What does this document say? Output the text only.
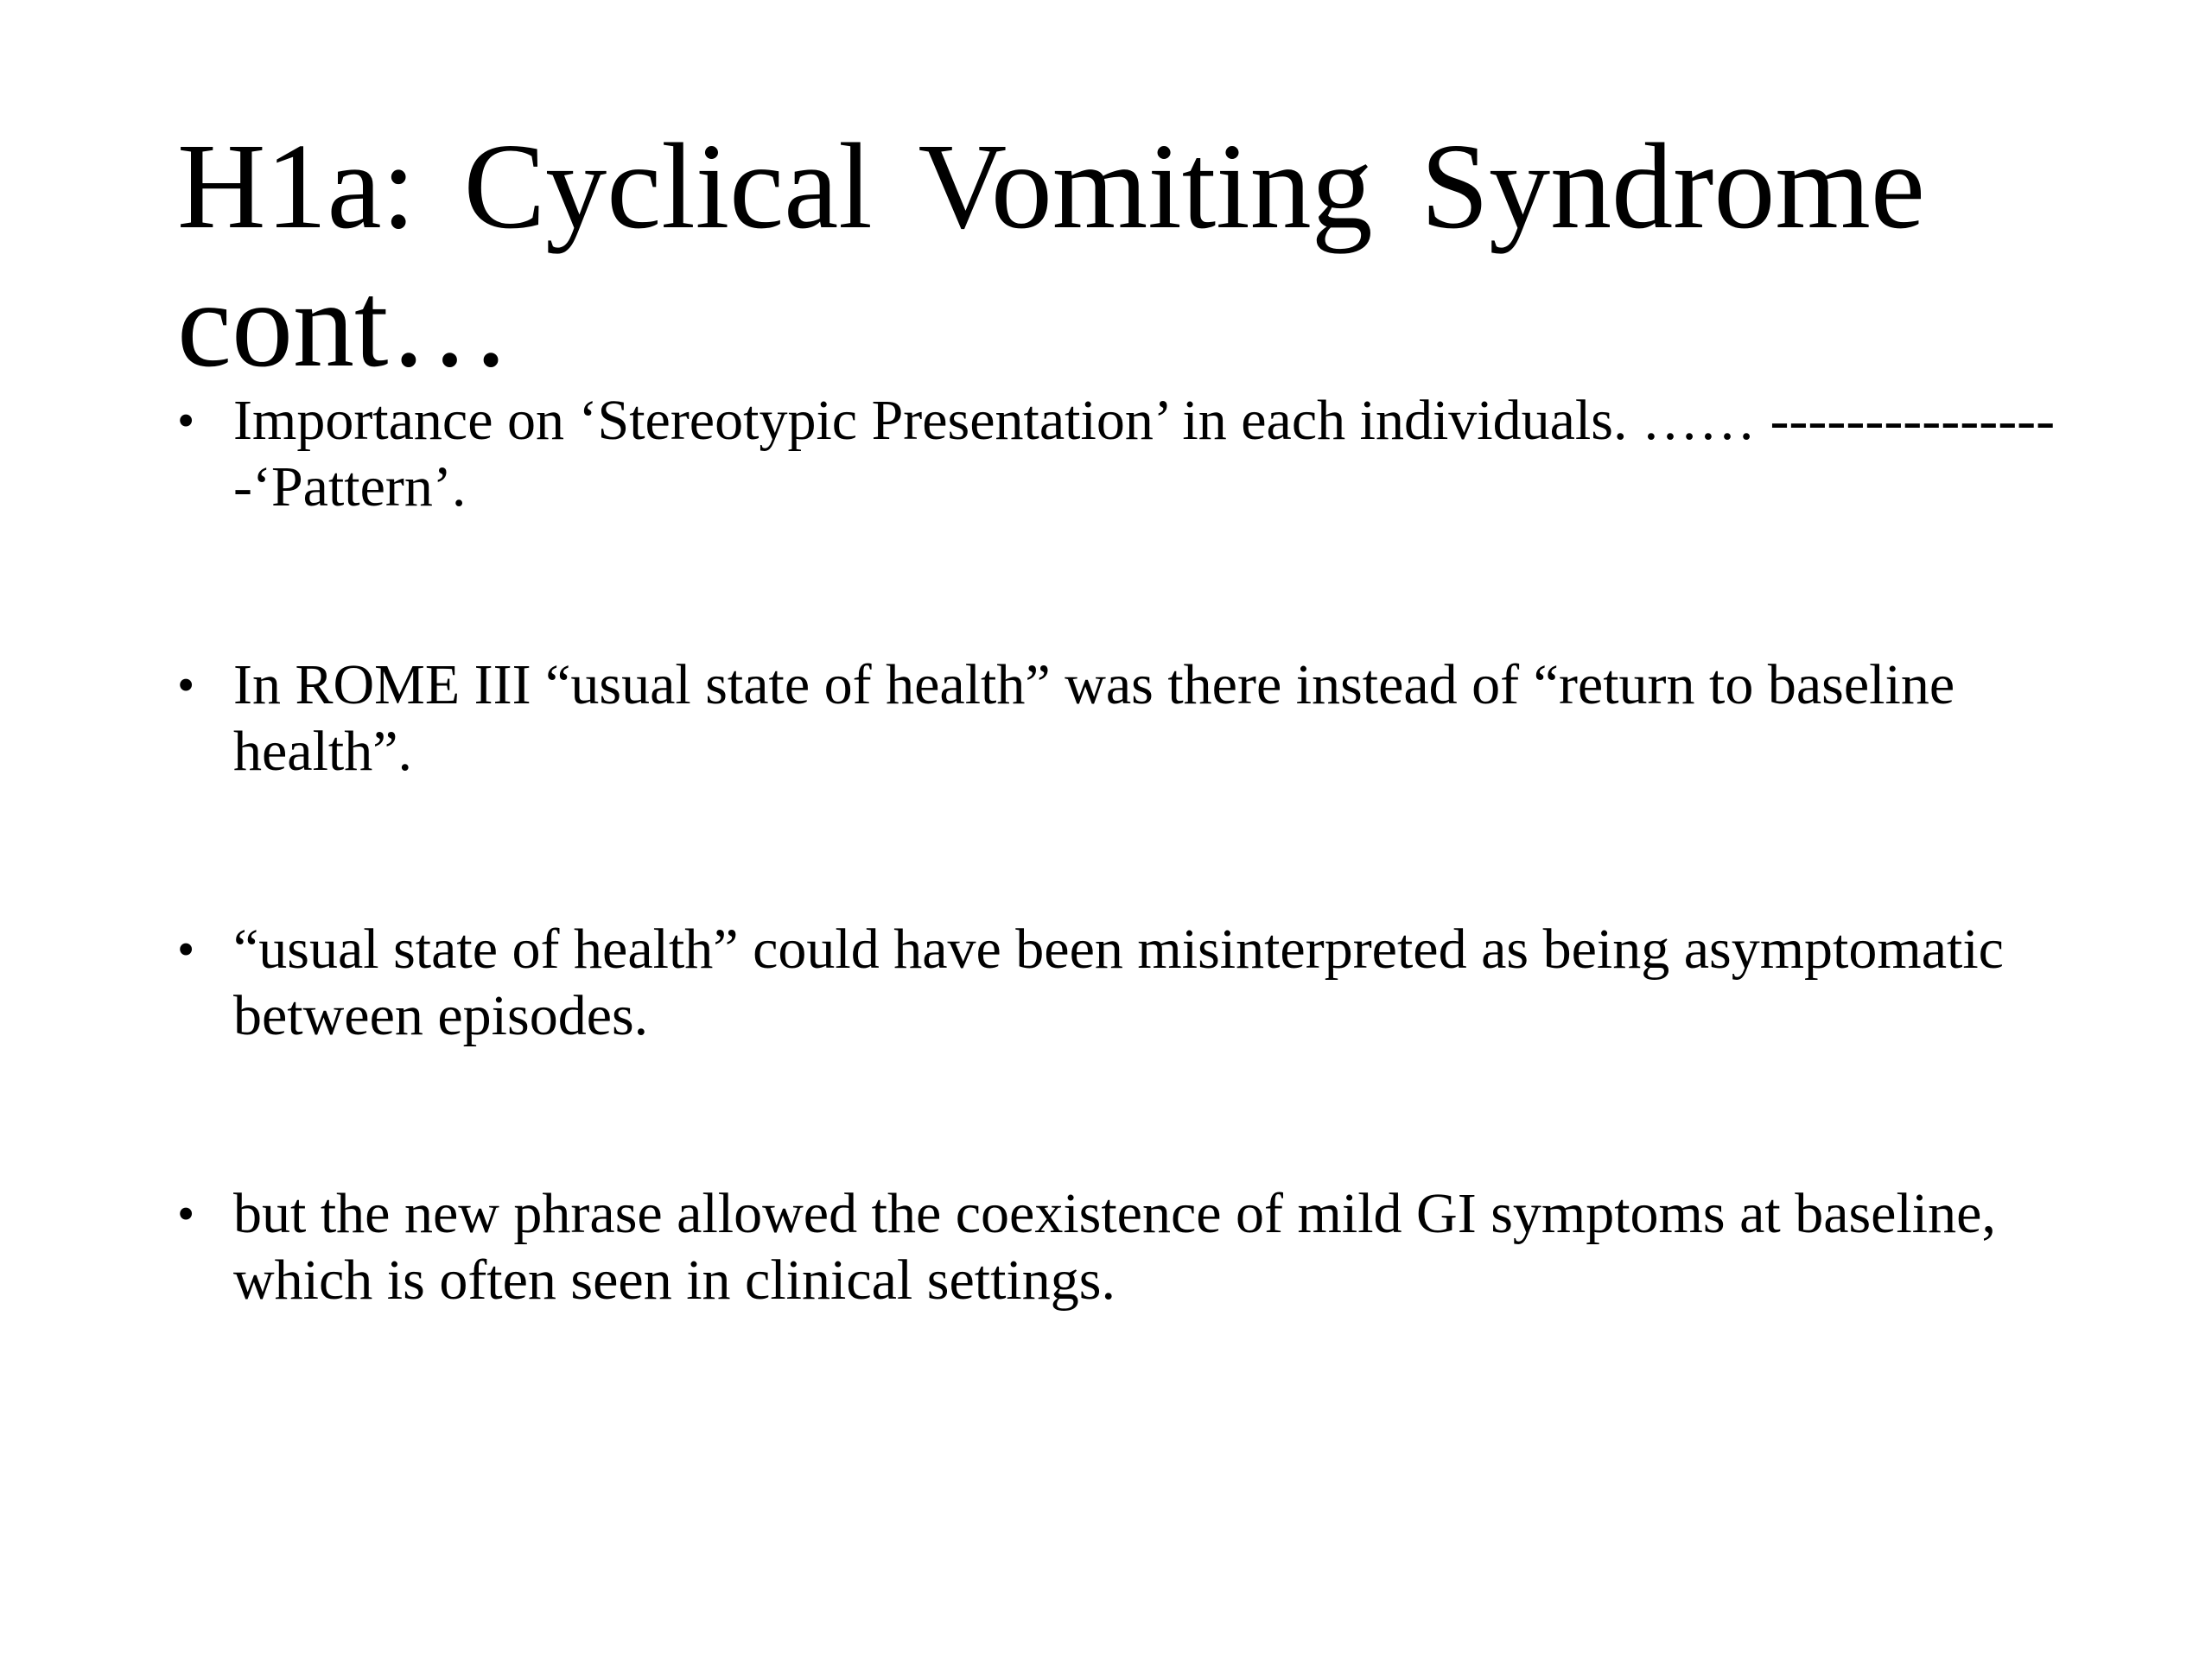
H1a: Cyclical Vomiting Syndrome cont…
• Importance on ‘Stereotypic Presentation’ in each individuals. …… ----------------‘Pattern’.
• In ROME III “usual state of health” was there instead of “return to baseline health”.
• “usual state of health” could have been misinterpreted as being asymptomatic between episodes.
• but the new phrase allowed the coexistence of mild GI symptoms at baseline, which is often seen in clinical settings.
